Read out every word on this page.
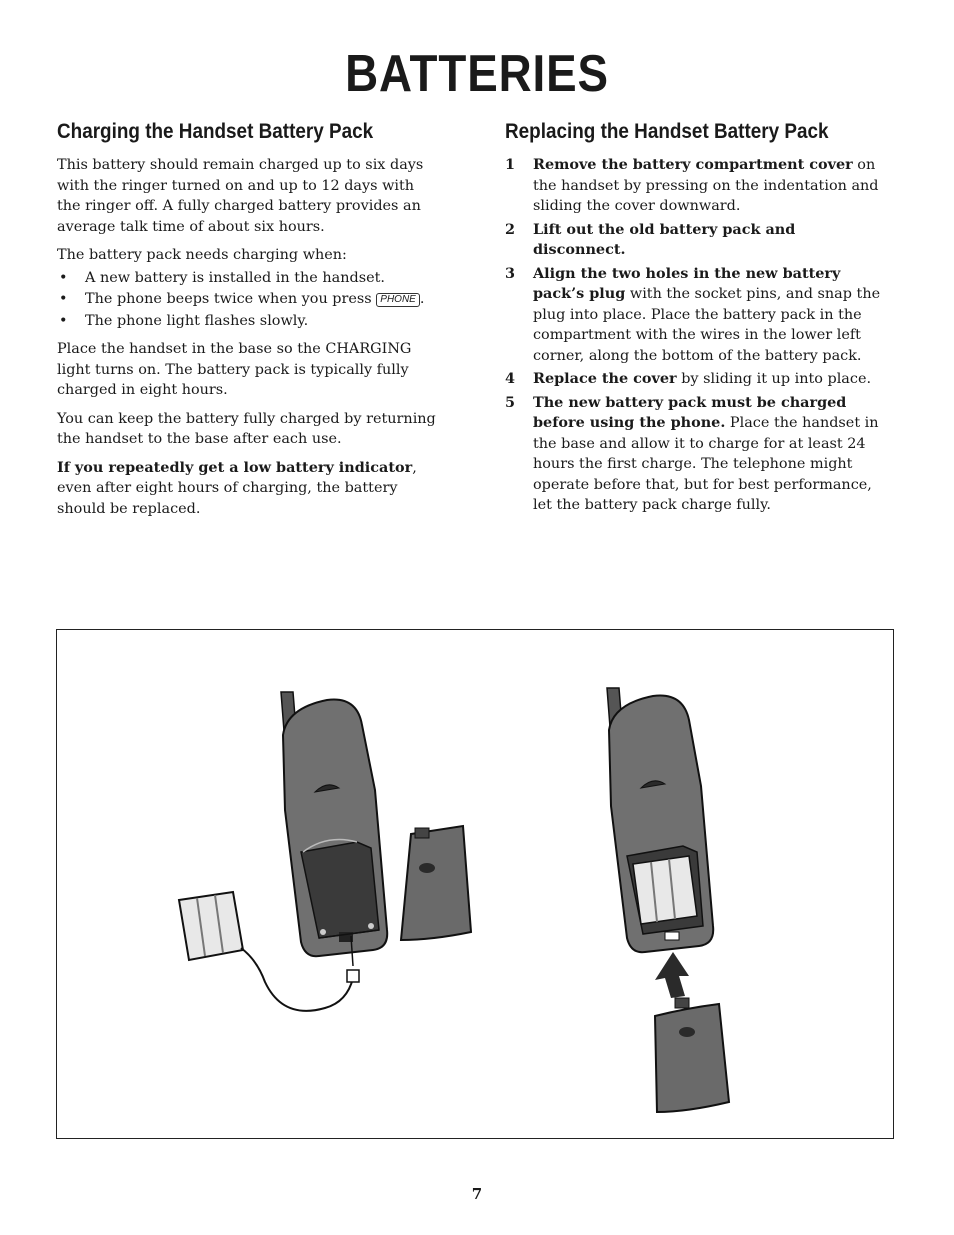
BATTERIES
Charging the Handset Battery Pack

This battery should remain charged up to six days with the ringer turned on and up to 12 days with the ringer off. A fully charged battery provides an average talk time of about six hours.

The battery pack needs charging when:

• A new battery is installed in the handset.
• The phone beeps twice when you press PHONE .
• The phone light flashes slowly.

Place the handset in the base so the CHARGING light turns on. The battery pack is typically fully charged in eight hours.

You can keep the battery fully charged by returning the handset to the base after each use.

If you repeatedly get a low battery indicator, even after eight hours of charging, the battery should be replaced.

Replacing the Handset Battery Pack
1 Remove the battery compartment cover on the handset by pressing on the indentation and sliding the cover downward.
2 Lift out the old battery pack and disconnect.
3 Align the two holes in the new battery pack’s plug with the socket pins, and snap the plug into place. Place the battery pack in the compartment with the wires in the lower left corner, along the bottom of the battery pack.
4 Replace the cover by sliding it up into place.
5 The new battery pack must be charged before using the phone. Place the handset in the base and allow it to charge for at least 24 hours the first charge. The telephone might operate before that, but for best performance, let the battery pack charge fully.
7
